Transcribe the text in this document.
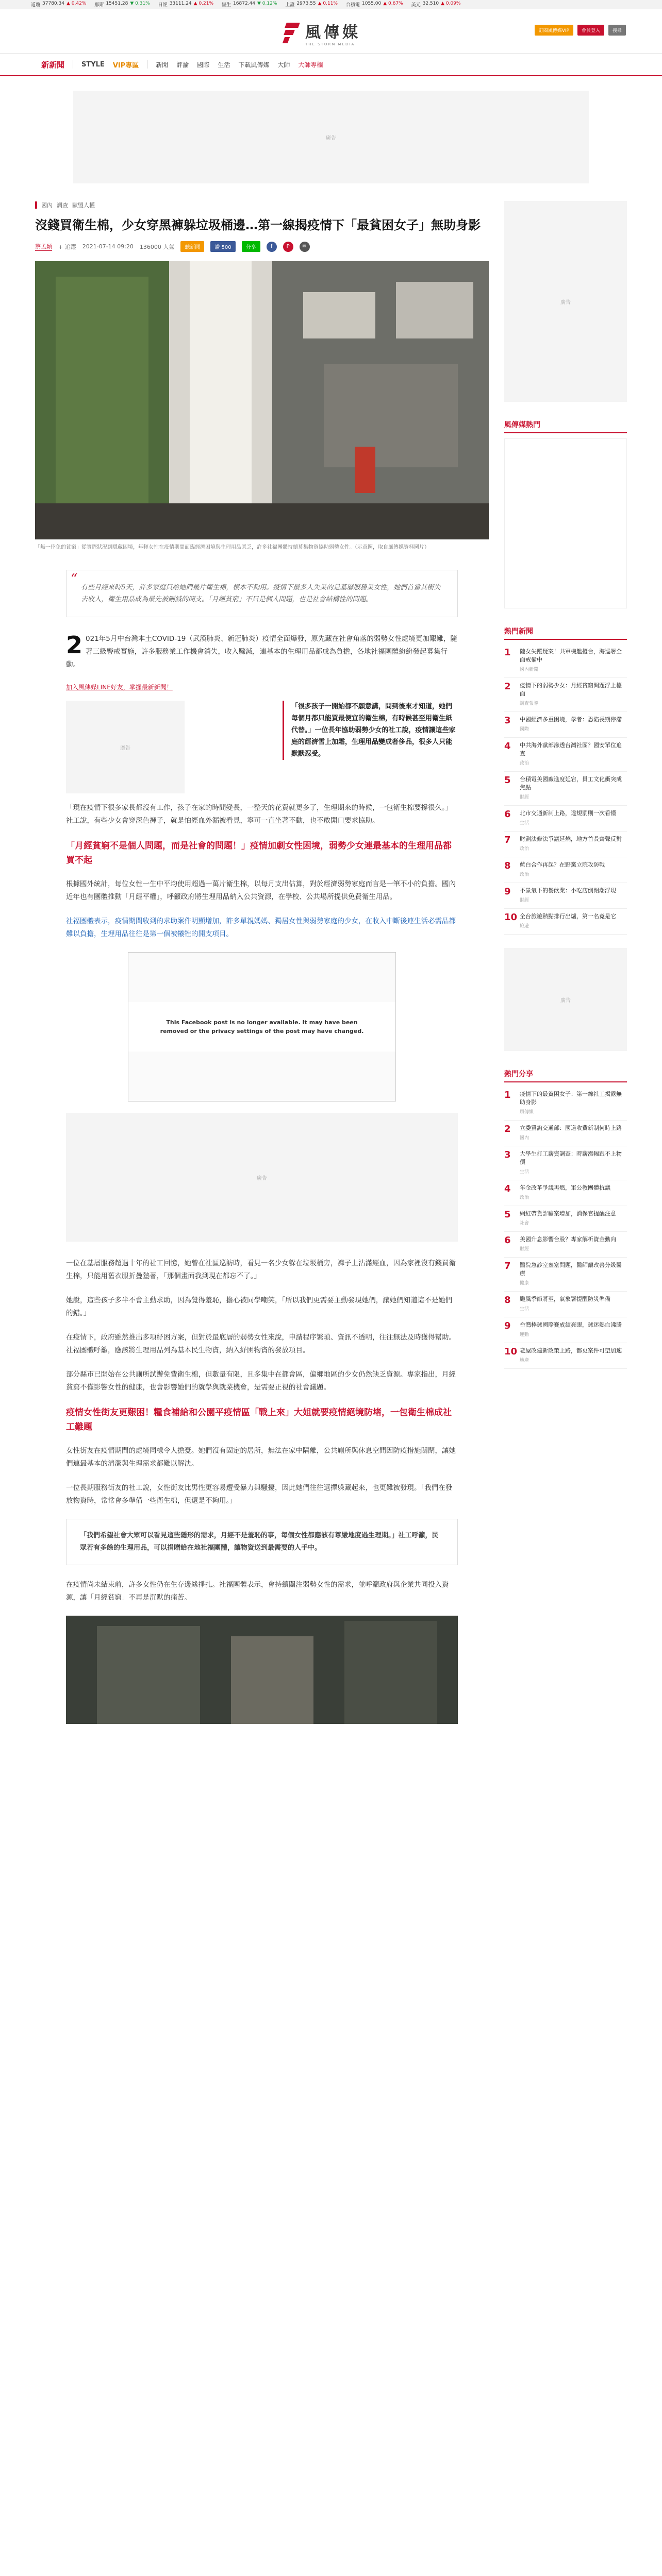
道瓊 37780.34 ▲ 0.42% 那斯 15451.28 ▼ 0.31% 日經 33111.24 ▲ 0.21% 恆生 16872.44 ▼ 0.12% 上證 2973.55 ▲ 0.11% 台積電 1055.00 ▲ 0.67% 美元 32.510 ▲ 0.09%
風傳媒
THE STORM MEDIA
訂閱風傳媒VIP	會員登入	搜尋
新新聞	STYLE VIP專區	新聞 評論 國際 生活 下載風傳媒 大師 大師專欄
廣告
國內 調查 歐盟人權
沒錢買衛生棉，少女穿黑褲躲垃圾桶邊…第一線揭疫情下「最貧困女子」無助身影
蔡孟穎 + 追蹤 2021-07-14 09:20 136000 人氣	聽新聞	讚 500	分享	f	P	✉

「無一倖免的貧窮」從實際狀況到隱藏困境，年輕女性在疫情期間面臨經濟困境與生理用品匱乏，許多社福團體持續募集物資協助弱勢女性。（示意圖，取自風傳媒資料圖片）

“
有些月經來時5天，許多家庭只給她們幾片衛生棉，根本不夠用。疫情下最多人失業的是基層服務業女性，她們首當其衝失去收入，衛生用品成為最先被刪減的開支。「月經貧窮」不只是個人問題，也是社會結構性的問題。

2 021年5月中台灣本土COVID-19（武漢肺炎、新冠肺炎）疫情全面爆發，原先藏在社會角落的弱勢女性處境更加艱難，隨著三級警戒實施，許多服務業工作機會消失，收入驟減，連基本的生理用品都成為負擔，各地社福團體紛紛發起募集行動。

加入風傳媒LINE好友，掌握最新新聞！
「很多孩子一開始都不願意講，問到後來才知道，她們每個月都只能買最便宜的衛生棉，有時候甚至用衛生紙代替。」一位長年協助弱勢少女的社工說，疫情讓這些家庭的經濟雪上加霜，生理用品變成奢侈品，很多人只能默默忍受。
廣告

「現在疫情下很多家長都沒有工作，孩子在家的時間變長，一整天的花費就更多了，生理期來的時候，一包衛生棉要撐很久。」社工說，有些少女會穿深色褲子，就是怕經血外漏被看見，寧可一直坐著不動，也不敢開口要求協助。

「月經貧窮不是個人問題，而是社會的問題！」疫情加劇女性困境，弱勢少女連最基本的生理用品都買不起

根據國外統計，每位女性一生中平均使用超過一萬片衛生棉，以每月支出估算，對於經濟弱勢家庭而言是一筆不小的負擔。國內近年也有團體推動「月經平權」，呼籲政府將生理用品納入公共資源，在學校、公共場所提供免費衛生用品。

社福團體表示，疫情期間收到的求助案件明顯增加，許多單親媽媽、獨居女性與弱勢家庭的少女，在收入中斷後連生活必需品都難以負擔，生理用品往往是第一個被犧牲的開支項目。

This Facebook post is no longer available. It may have been removed or the privacy settings of the post may have changed.
廣告

一位在基層服務超過十年的社工回憶，她曾在社區巡訪時，看見一名少女躲在垃圾桶旁，褲子上沾滿經血，因為家裡沒有錢買衛生棉，只能用舊衣服折疊墊著，「那個畫面我到現在都忘不了。」

她說，這些孩子多半不會主動求助，因為覺得羞恥，擔心被同學嘲笑，「所以我們更需要主動發現她們，讓她們知道這不是她們的錯。」

在疫情下，政府雖然推出多項紓困方案，但對於最底層的弱勢女性來說，申請程序繁瑣、資訊不透明，往往無法及時獲得幫助。社福團體呼籲，應該將生理用品列為基本民生物資，納入紓困物資的發放項目。

部分縣市已開始在公共廁所試辦免費衛生棉，但數量有限，且多集中在都會區，偏鄉地區的少女仍然缺乏資源。專家指出，月經貧窮不僅影響女性的健康，也會影響她們的就學與就業機會，是需要正視的社會議題。

疫情女性街友更艱困！糧食補給和公園平疫情區「戰上來」大姐就要疫情絕境防堵，一包衛生棉成社工難題

女性街友在疫情期間的處境同樣令人擔憂。她們沒有固定的居所，無法在家中隔離，公共廁所與休息空間因防疫措施關閉，讓她們連最基本的清潔與生理需求都難以解決。

一位長期服務街友的社工說，女性街友比男性更容易遭受暴力與騷擾，因此她們往往選擇躲藏起來，也更難被發現。「我們在發放物資時，常常會多準備一些衛生棉，但還是不夠用。」

「我們希望社會大眾可以看見這些隱形的需求，月經不是羞恥的事，每個女性都應該有尊嚴地度過生理期。」社工呼籲，民眾若有多餘的生理用品，可以捐贈給在地社福團體，讓物資送到最需要的人手中。

在疫情尚未結束前，許多女性仍在生存邊緣掙扎。社福團體表示，會持續關注弱勢女性的需求，並呼籲政府與企業共同投入資源，讓「月經貧窮」不再是沉默的痛苦。

廣告
風傳媒熱門
熱門新聞
1	陸女失蹤疑案！共軍機艦擾台，海巡署全面戒備中
國內新聞
2	疫情下的弱勢少女：月經貧窮問題浮上檯面
調查報導
3	中國經濟多重困境，學者：恐陷長期停滯
國際
4	中共海外黨部滲透台灣社團？國安單位追查
政治
5	台積電美國廠進度延宕，員工文化衝突成焦點
財經
6	北市交通新制上路，違規罰則一次看懂
生活
7	財劃法修法爭議延燒，地方首長齊聲反對
政治
8	藍白合作再起？在野黨立院攻防戰
政治
9	不景氣下的餐飲業：小吃店倒閉潮浮現
財經
10 全台旅遊熱點排行出爐，第一名竟是它
旅遊
廣告
熱門分享
1	疫情下的最貧困女子：第一線社工揭露無助身影
風傳媒
2	立委質詢交通部：國道收費新制何時上路
國內
3	大學生打工薪資調查：時薪漲幅跟不上物價
生活
4	年金改革爭議再燃，軍公教團體抗議
政治
5	網紅帶貨詐騙案增加，消保官提醒注意
社會
6	美國升息影響台股？專家解析資金動向
財經
7	醫院急診室壅塞問題，醫師籲改善分級醫療
健康
8	颱風季節將至，氣象署提醒防災準備
生活
9	台灣棒球國際賽成績亮眼，球迷熱血沸騰
運動
10 老屋改建新政策上路，都更案件可望加速
地產
